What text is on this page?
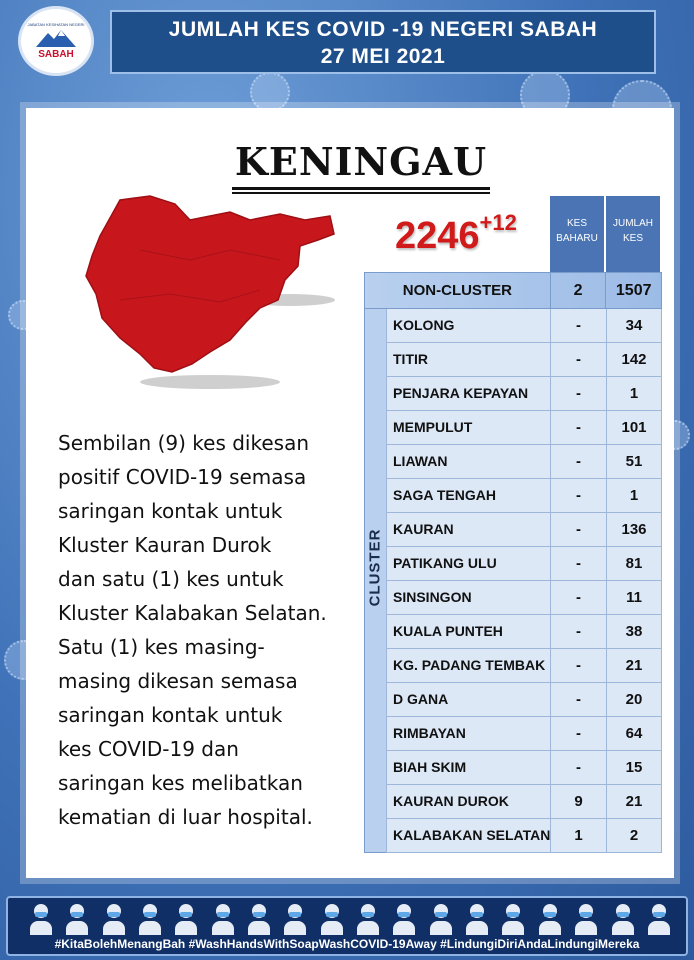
JABATAN KESIHATAN NEGERI
SABAH
JUMLAH KES COVID -19 NEGERI SABAH
27 MEI 2021
KENINGAU
$2246^{+12}$	KES
BAHARU
JUMLAH
KES
NON-CLUSTER	2	1507
CLUSTER
KOLONG	-	34
TITIR	-	142
PENJARA KEPAYAN	-	1
MEMPULUT	-	101
LIAWAN	-	51
SAGA TENGAH	-	1
KAURAN	-	136
PATIKANG ULU	-	81
SINSINGON	-	11
KUALA PUNTEH	-	38
KG. PADANG TEMBAK	-	21
D GANA	-	20
RIMBAYAN	-	64
BIAH SKIM	-	15
KAURAN DUROK	9	21
KALABAKAN SELATAN	1	2
Sembilan (9) kes dikesan
positif COVID-19 semasa
saringan kontak untuk
Kluster Kauran Durok
dan satu (1) kes untuk
Kluster Kalabakan Selatan.
Satu (1) kes masing-
masing dikesan semasa
saringan kontak untuk
kes COVID-19 dan
saringan kes melibatkan
kematian di luar hospital.
#KitaBolehMenangBah #WashHandsWithSoapWashCOVID-19Away #LindungiDiriAndaLindungiMereka
